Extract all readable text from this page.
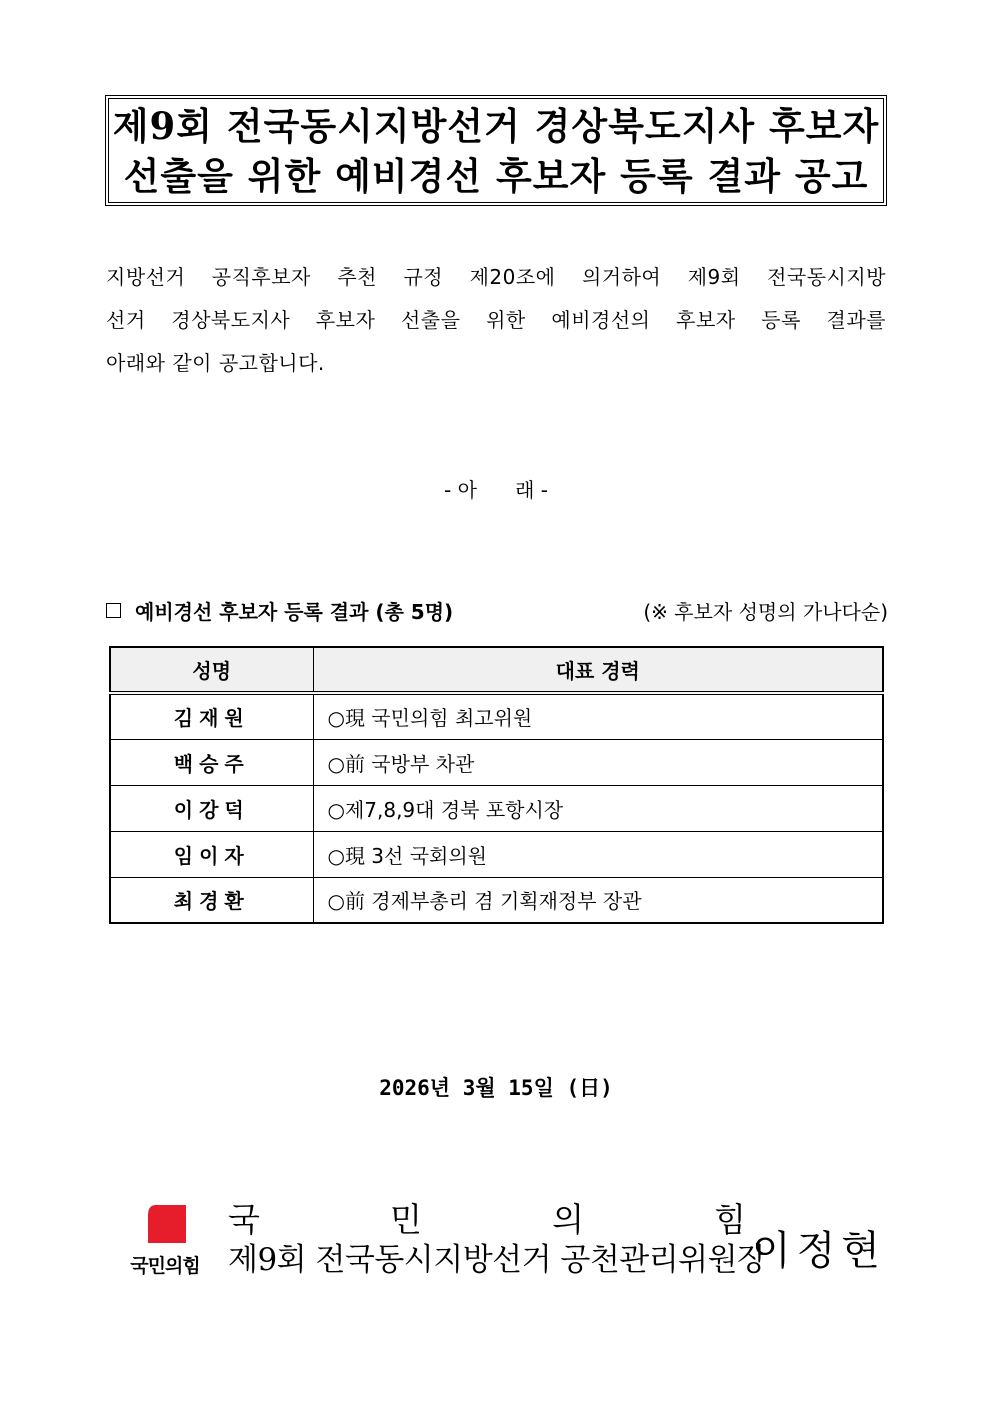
제9회 전국동시지방선거 경상북도지사 후보자
선출을 위한 예비경선 후보자 등록 결과 공고
지방선거 공직후보자 추천 규정 제20조에 의거하여 제9회 전국동시지방
선거 경상북도지사 후보자 선출을 위한 예비경선의 후보자 등록 결과를
아래와 같이 공고합니다.
- 아      래 -
예비경선 후보자 등록 결과 (총 5명)	(※ 후보자 성명의 가나다순)
성명	대표 경력
김재원	○現 국민의힘 최고위원
백승주	○前 국방부 차관
이강덕	○제7,8,9대 경북 포항시장
임이자	○現 3선 국회의원
최경환	○前 경제부총리 겸 기획재정부 장관
2026년 3월 15일 (日)
국민의힘
국	민	의	힘
제9회 전국동시지방선거 공천관리위원장
이정현
